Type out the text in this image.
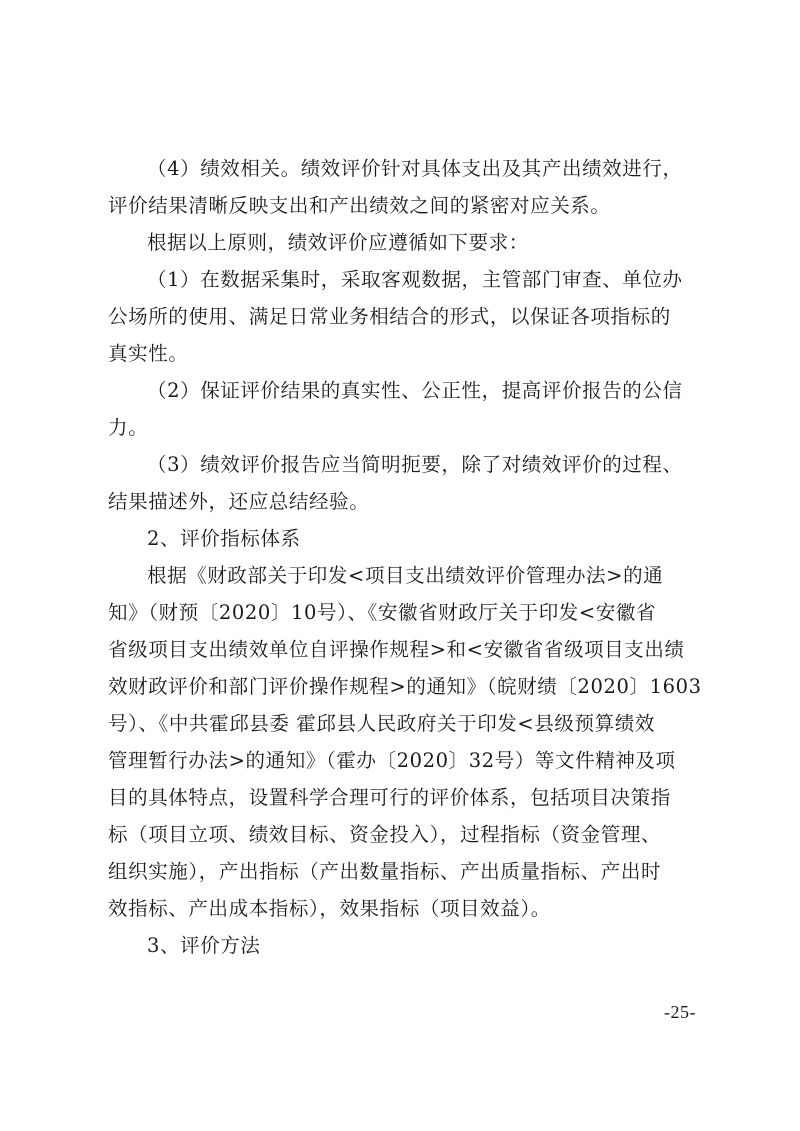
（4）绩效相关。绩效评价针对具体支出及其产出绩效进行，
评价结果清晰反映支出和产出绩效之间的紧密对应关系。
根据以上原则，绩效评价应遵循如下要求：
（1）在数据采集时，采取客观数据，主管部门审查、单位办
公场所的使用、满足日常业务相结合的形式，以保证各项指标的
真实性。
（2）保证评价结果的真实性、公正性，提高评价报告的公信
力。
（3）绩效评价报告应当简明扼要，除了对绩效评价的过程、
结果描述外，还应总结经验。
2、评价指标体系
根据《财政部关于印发<项目支出绩效评价管理办法>的通
知》（财预〔2020〕10号）、《安徽省财政厅关于印发<安徽省
省级项目支出绩效单位自评操作规程>和<安徽省省级项目支出绩
效财政评价和部门评价操作规程>的通知》（皖财绩〔2020〕1603
号）、《中共霍邱县委 霍邱县人民政府关于印发<县级预算绩效
管理暂行办法>的通知》（霍办〔2020〕32号）等文件精神及项
目的具体特点，设置科学合理可行的评价体系，包括项目决策指
标（项目立项、绩效目标、资金投入），过程指标（资金管理、
组织实施），产出指标（产出数量指标、产出质量指标、产出时
效指标、产出成本指标），效果指标（项目效益）。
3、评价方法
-25-
